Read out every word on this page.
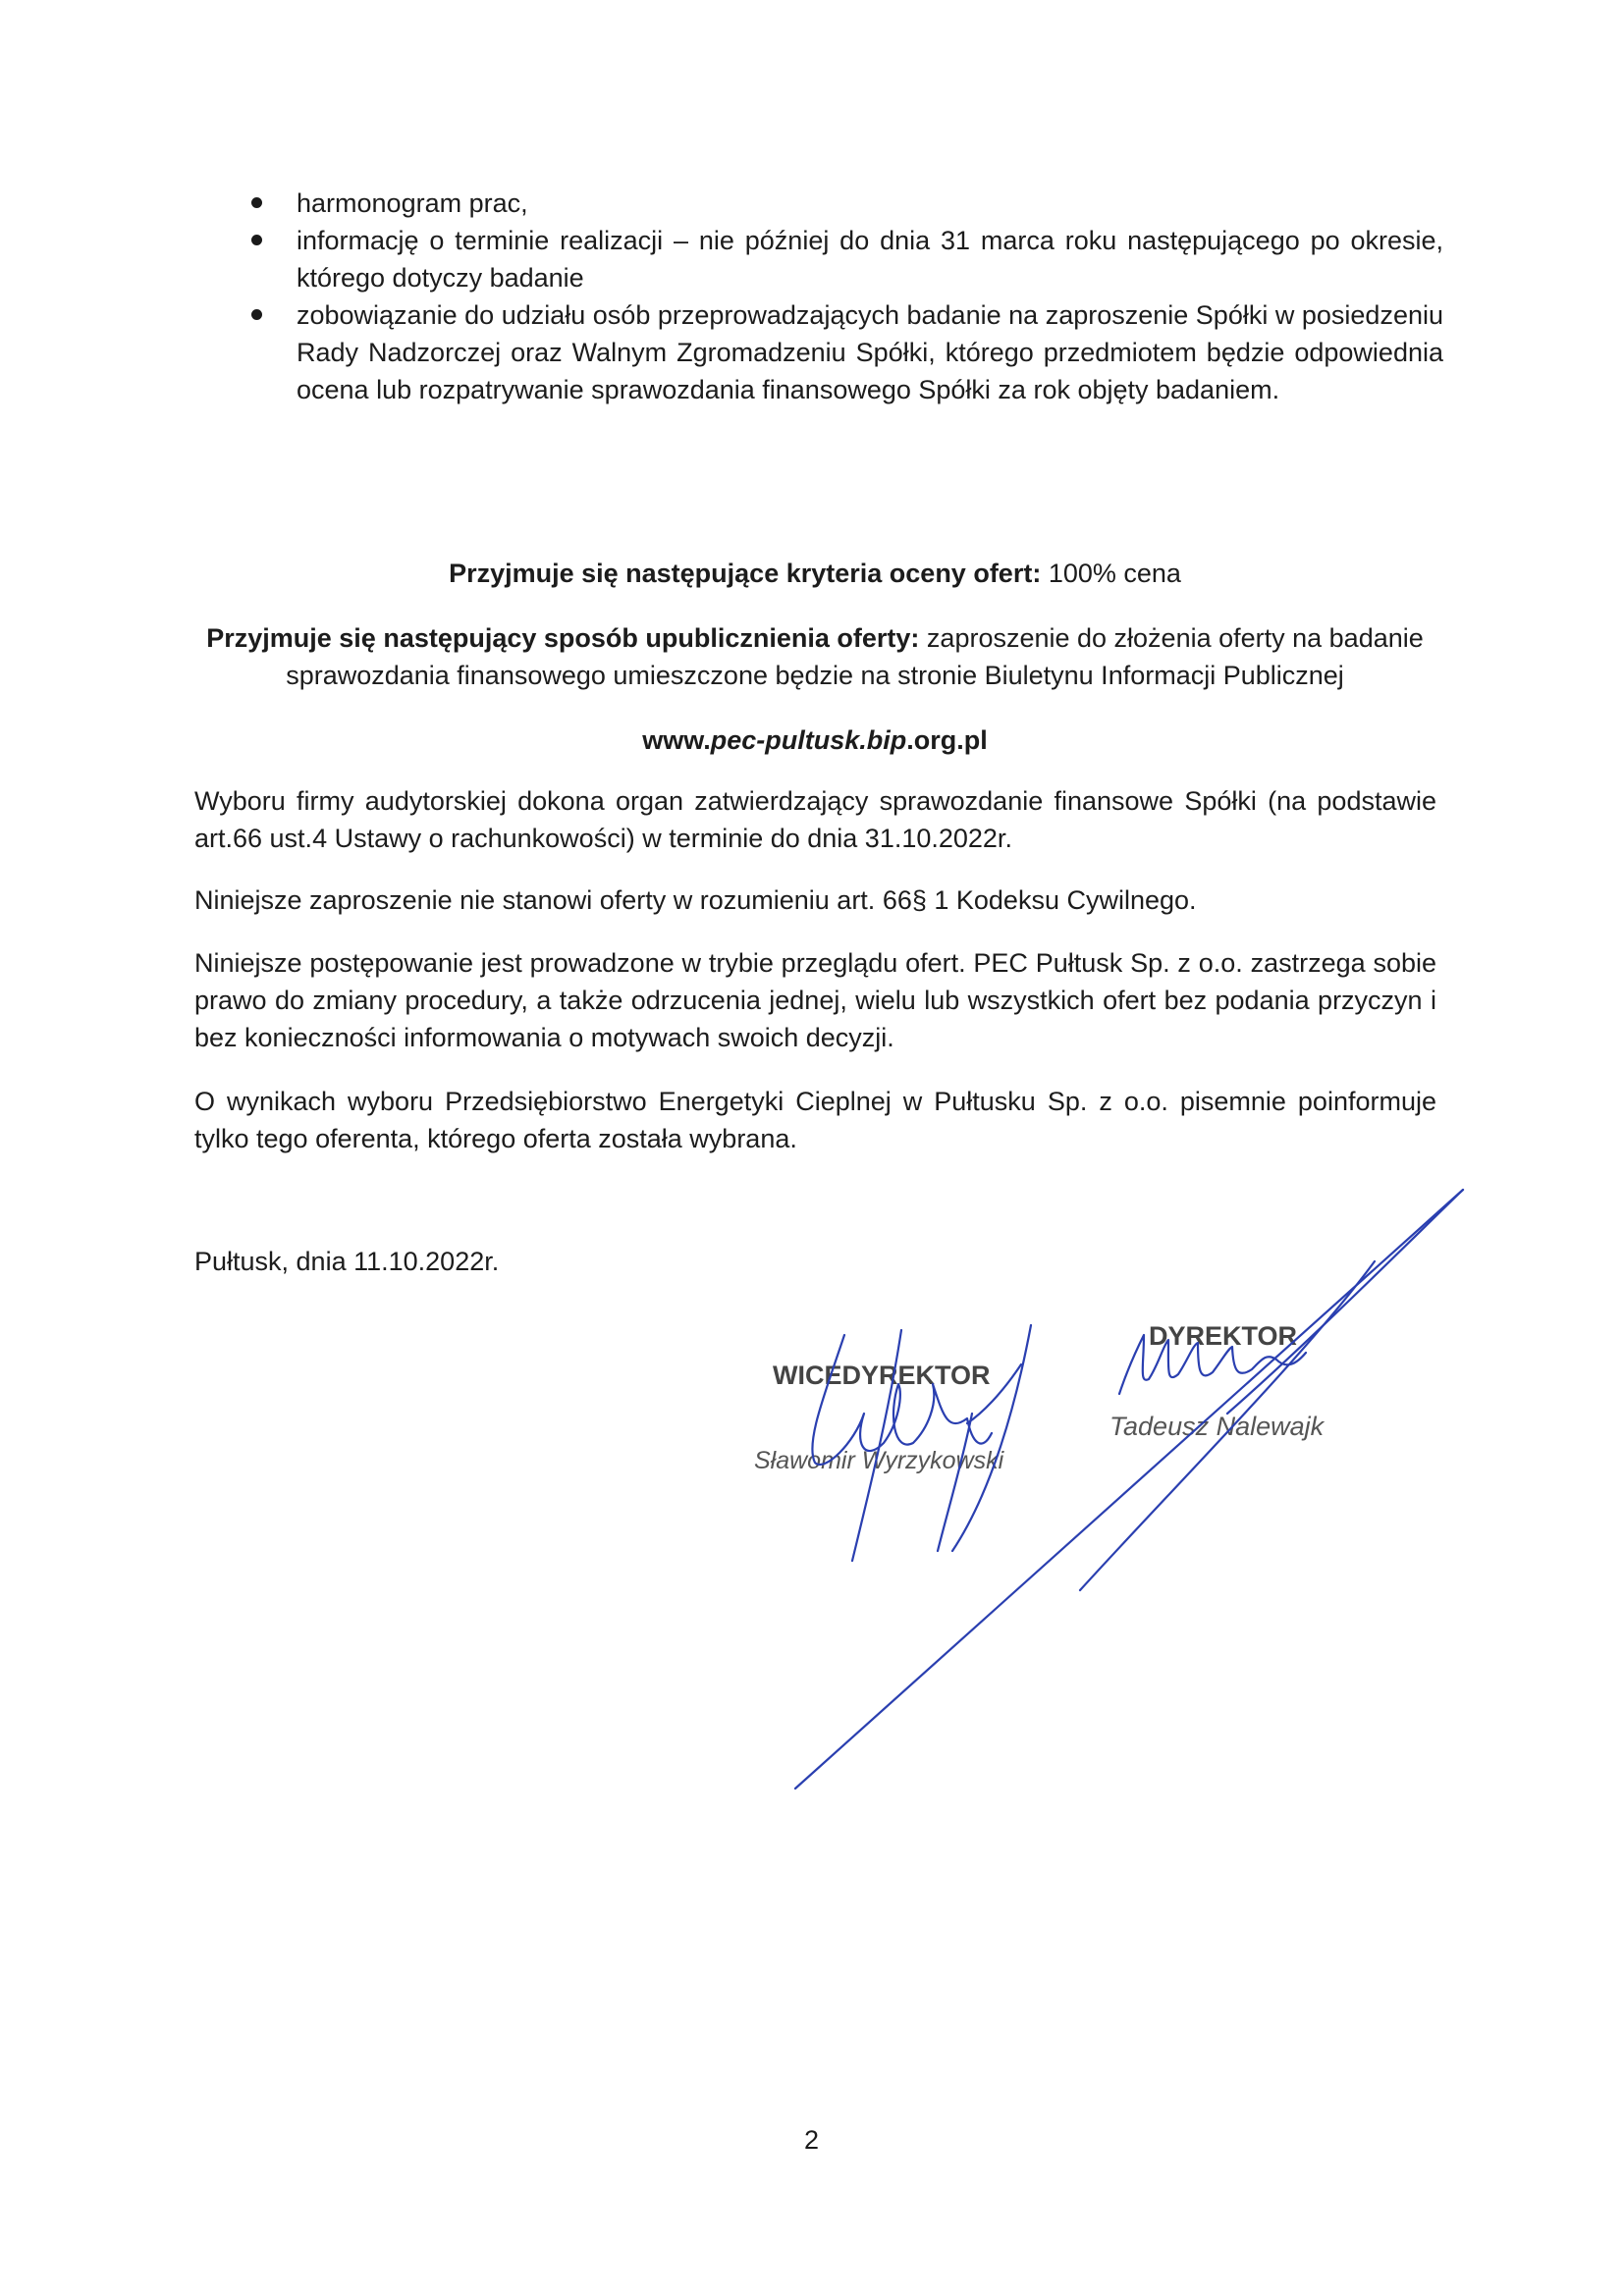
harmonogram prac,
informację o terminie realizacji – nie później do dnia 31 marca roku następującego po okresie, którego dotyczy badanie
zobowiązanie do udziału osób przeprowadzających badanie na zaproszenie Spółki w posiedzeniu Rady Nadzorczej oraz Walnym Zgromadzeniu Spółki, którego przedmiotem będzie odpowiednia ocena lub rozpatrywanie sprawozdania finansowego Spółki za rok objęty badaniem.
Przyjmuje się następujące kryteria oceny ofert: 100% cena
Przyjmuje się następujący sposób upublicznienia oferty: zaproszenie do złożenia oferty na badanie sprawozdania finansowego umieszczone będzie na stronie Biuletynu Informacji Publicznej
www.pec-pultusk.bip.org.pl
Wyboru firmy audytorskiej dokona organ zatwierdzający sprawozdanie finansowe Spółki (na podstawie art.66 ust.4 Ustawy o rachunkowości) w terminie do dnia 31.10.2022r.
Niniejsze zaproszenie nie stanowi oferty w rozumieniu art. 66§ 1 Kodeksu Cywilnego.
Niniejsze postępowanie jest prowadzone w trybie przeglądu ofert. PEC Pułtusk Sp. z o.o. zastrzega sobie prawo do zmiany procedury, a także odrzucenia jednej, wielu lub wszystkich ofert bez podania przyczyn i bez konieczności informowania o motywach swoich decyzji.
O wynikach wyboru Przedsiębiorstwo Energetyki Cieplnej w Pułtusku Sp. z o.o. pisemnie poinformuje tylko tego oferenta, którego oferta została wybrana.
Pułtusk, dnia 11.10.2022r.
WICEDYREKTOR
Sławomir Wyrzykowski
DYREKTOR
Tadeusz Nalewajk
2
